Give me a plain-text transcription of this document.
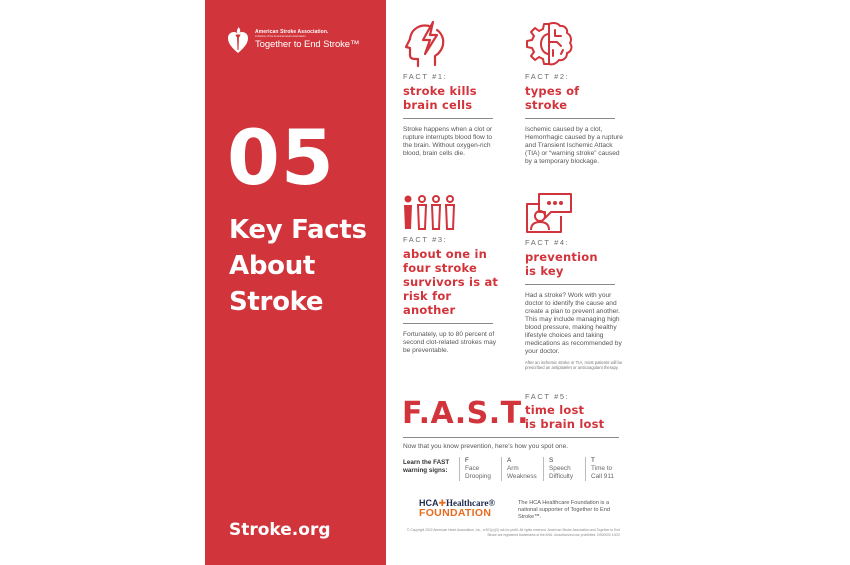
American Stroke Association.
A division of the American Heart Association.
Together to End Stroke™
05
Key Facts
About
Stroke
Stroke.org
FACT #1:
stroke kills
brain cells
Stroke happens when a clot or rupture interrupts blood flow to the brain. Without oxygen-rich blood, brain cells die.
FACT #2:
types of
stroke
Ischemic caused by a clot, Hemorrhagic caused by a rupture and Transient Ischemic Attack (TIA) or “warning stroke” caused by a temporary blockage.
FACT #3:
about one in
four stroke
survivors is at
risk for another
Fortunately, up to 80 percent of second clot-related strokes may be preventable.
FACT #4:
prevention
is key
Had a stroke? Work with your doctor to identify the cause and create a plan to prevent another. This may include managing high blood pressure, making healthy lifestyle choices and taking medications as recommended by your doctor.
After an ischemic stroke or TIA, most patients will be prescribed an antiplatelet or anticoagulant therapy.
F.A.S.T.
FACT #5:
time lost
is brain lost
Now that you know prevention, here's how you spot one.
Learn the FAST
warning signs:
F
Face
Drooping
A
Arm
Weakness
S
Speech
Difficulty
T
Time to
Call 911
HCA✚Healthcare®
FOUNDATION
The HCA Healthcare Foundation is a national supporter of Together to End Stroke™.
© Copyright 2022 American Heart Association, Inc., a 501(c)(3) not-for-profit. All rights reserved. American Stroke Association and Together to End Stroke are registered trademarks of the AHA. Unauthorized use prohibited. DS00000 10/22
